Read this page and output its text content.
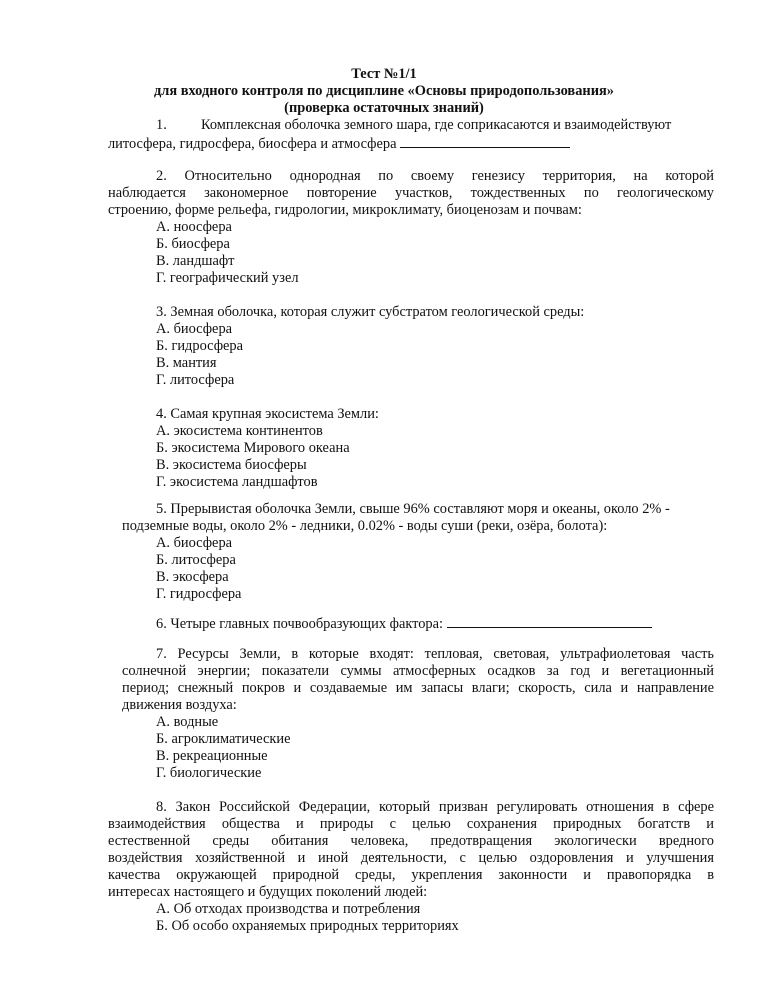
Тест №1/1
для входного контроля по дисциплине «Основы природопользования»
(проверка остаточных знаний)
1. Комплексная оболочка земного шара, где соприкасаются и взаимодействуют
литосфера, гидросфера, биосфера и атмосфера
2. Относительно однородная по своему генезису территория, на которой
наблюдается закономерное повторение участков, тождественных по геологическому
строению, форме рельефа, гидрологии, микроклимату, биоценозам и почвам:
А. ноосфера
Б. биосфера
В. ландшафт
Г. географический узел
3. Земная оболочка, которая служит субстратом геологической среды:
А. биосфера
Б. гидросфера
В. мантия
Г. литосфера
4. Самая крупная экосистема Земли:
А. экосистема континентов
Б. экосистема Мирового океана
В. экосистема биосферы
Г. экосистема ландшафтов
5. Прерывистая оболочка Земли, свыше 96% составляют моря и океаны, около 2% -
подземные воды, около 2% - ледники, 0.02% - воды суши (реки, озёра, болота):
А. биосфера
Б. литосфера
В. экосфера
Г. гидросфера
6. Четыре главных почвообразующих фактора:
7. Ресурсы Земли, в которые входят: тепловая, световая, ультрафиолетовая часть
солнечной энергии; показатели суммы атмосферных осадков за год и вегетационный
период; снежный покров и создаваемые им запасы влаги; скорость, сила и направление
движения воздуха:
А. водные
Б. агроклиматические
В. рекреационные
Г. биологические
8. Закон Российской Федерации, который призван регулировать отношения в сфере
взаимодействия общества и природы с целью сохранения природных богатств и
естественной среды обитания человека, предотвращения экологически вредного
воздействия хозяйственной и иной деятельности, с целью оздоровления и улучшения
качества окружающей природной среды, укрепления законности и правопорядка в
интересах настоящего и будущих поколений людей:
А. Об отходах производства и потребления
Б. Об особо охраняемых природных территориях
